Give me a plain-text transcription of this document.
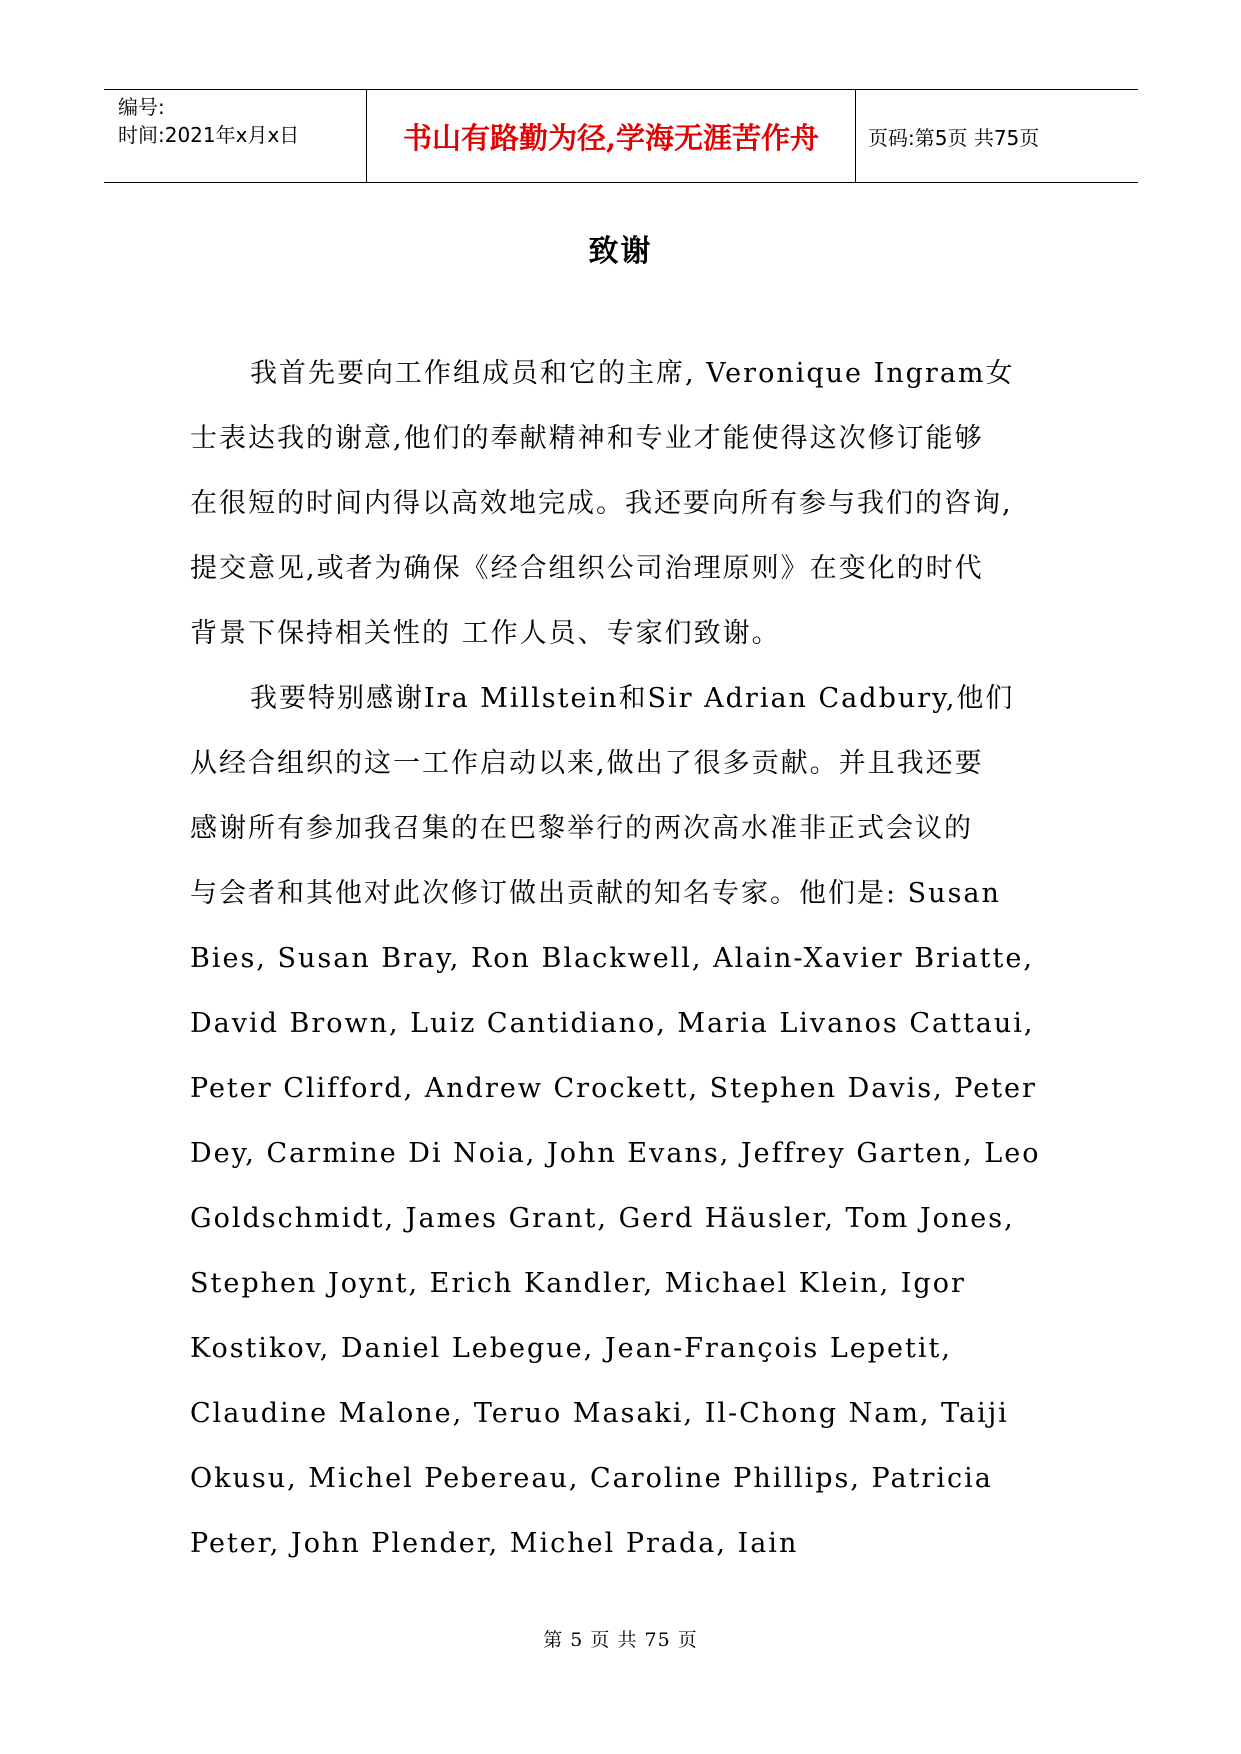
编号:
时间:2021年x月x日	书山有路勤为径,学海无涯苦作舟	页码:第5页 共75页
致谢
我首先要向工作组成员和它的主席, Veronique Ingram女
士表达我的谢意,他们的奉献精神和专业才能使得这次修订能够
在很短的时间内得以高效地完成。我还要向所有参与我们的咨询,
提交意见,或者为确保《经合组织公司治理原则》在变化的时代
背景下保持相关性的 工作人员、专家们致谢。
我要特别感谢Ira Millstein和Sir Adrian Cadbury,他们
从经合组织的这一工作启动以来,做出了很多贡献。并且我还要
感谢所有参加我召集的在巴黎举行的两次高水准非正式会议的
与会者和其他对此次修订做出贡献的知名专家。他们是: Susan
Bies, Susan Bray, Ron Blackwell, Alain-Xavier Briatte,
David Brown, Luiz Cantidiano, Maria Livanos Cattaui,
Peter Clifford, Andrew Crockett, Stephen Davis, Peter
Dey, Carmine Di Noia, John Evans, Jeffrey Garten, Leo
Goldschmidt, James Grant, Gerd Häusler, Tom Jones,
Stephen Joynt, Erich Kandler, Michael Klein, Igor
Kostikov, Daniel Lebegue, Jean-François Lepetit,
Claudine Malone, Teruo Masaki, Il-Chong Nam, Taiji
Okusu, Michel Pebereau, Caroline Phillips, Patricia
Peter, John Plender, Michel Prada, Iain
第 5 页 共 75 页
